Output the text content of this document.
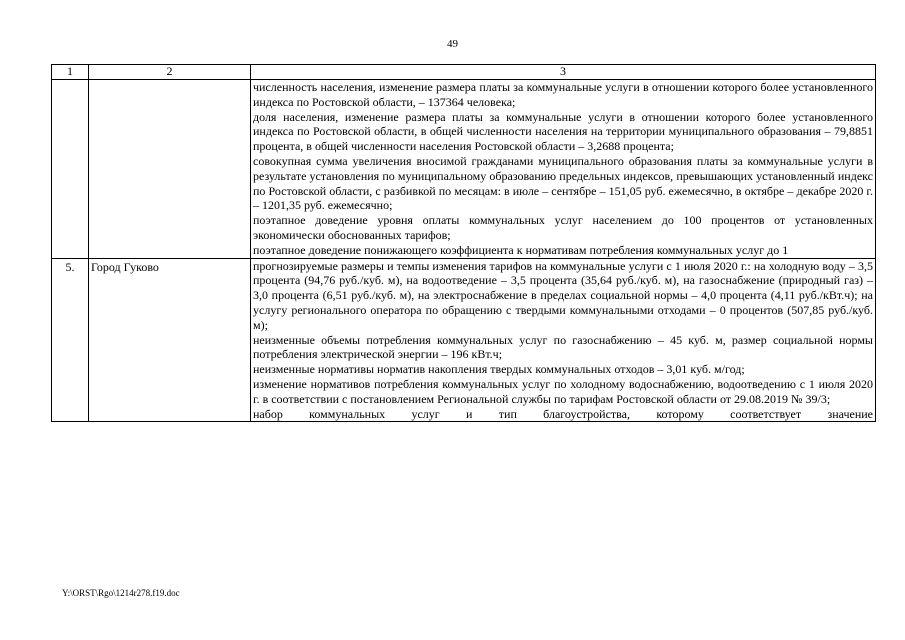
49
1	2	3

		численность населения, изменение размера платы за коммунальные услуги в отношении которого более установленного индекса по Ростовской области, – 137364 человека;

доля населения, изменение размера платы за коммунальные услуги в отношении которого более установленного индекса по Ростовской области, в общей численности населения на территории муниципального образования – 79,8851 процента, в общей численности населения Ростовской области – 3,2688 процента;

совокупная сумма увеличения вносимой гражданами муниципального образования платы за коммунальные услуги в результате установления по муниципальному образованию предельных индексов, превышающих установленный индекс по Ростовской области, с разбивкой по месяцам: в июле – сентябре – 151,05 руб. ежемесячно, в октябре – декабре 2020 г. – 1201,35 руб. ежемесячно;

поэтапное доведение уровня оплаты коммунальных услуг населением до 100 процентов от установленных экономически обоснованных тарифов;

поэтапное доведение понижающего коэффициента к нормативам потребления коммунальных услуг до 1

5.	Город Гуково	прогнозируемые размеры и темпы изменения тарифов на коммунальные услуги с 1 июля 2020 г.: на холодную воду – 3,5 процента (94,76 руб./куб. м), на водоотведение – 3,5 процента (35,64 руб./куб. м), на газоснабжение (природный газ) – 3,0 процента (6,51 руб./куб. м), на электроснабжение в пределах социальной нормы – 4,0 процента (4,11 руб./кВт.ч); на услугу регионального оператора по обращению с твердыми коммунальными отходами – 0 процентов (507,85 руб./куб. м);

неизменные объемы потребления коммунальных услуг по газоснабжению – 45 куб. м, размер социальной нормы потребления электрической энергии – 196 кВт.ч;

неизменные нормативы норматив накопления твердых коммунальных отходов – 3,01 куб. м/год;

изменение нормативов потребления коммунальных услуг по холодному водоснабжению, водоотведению с 1 июля 2020 г. в соответствии с постановлением Региональной службы по тарифам Ростовской области от 29.08.2019 № 39/3;

набор коммунальных услуг и тип благоустройства, которому соответствует значение

Y:\ORST\Rgo\1214r278.f19.doc
